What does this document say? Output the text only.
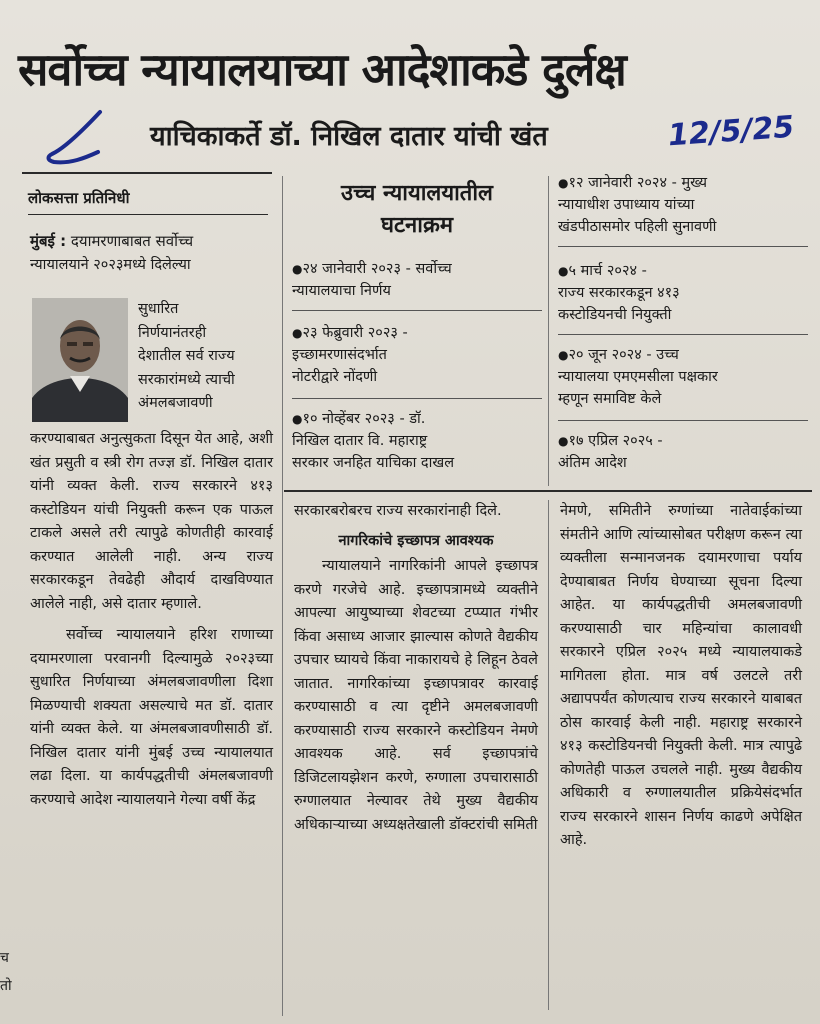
सर्वोच्च न्यायालयाच्या आदेशाकडे दुर्लक्ष
याचिकाकर्ते डॉ. निखिल दातार यांची खंत	12/5/25
लोकसत्ता प्रतिनिधी
मुंबई : दयामरणाबाबत सर्वोच्च
न्यायालयाने २०२३मध्ये दिलेल्या
सुधारित
निर्णयानंतरही
देशातील सर्व राज्य
सरकारांमध्ये त्याची
अंमलबजावणी

करण्याबाबत अनुत्सुकता दिसून येत आहे, अशी खंत प्रसुती व स्त्री रोग तज्ज्ञ डॉ. निखिल दातार यांनी व्यक्त केली. राज्य सरकारने ४१३ कस्टोडियन यांची नियुक्ती करून एक पाऊल टाकले असले तरी त्यापुढे कोणतीही कारवाई करण्यात आलेली नाही. अन्य राज्य सरकारकडून तेवढेही औदार्य दाखविण्यात आलेले नाही, असे दातार म्हणाले.

सर्वोच्च न्यायालयाने हरिश राणाच्या दयामरणाला परवानगी दिल्यामुळे २०२३च्या सुधारित निर्णयाच्या अंमलबजावणीला दिशा मिळण्याची शक्यता असल्याचे मत डॉ. दातार यांनी व्यक्त केले. या अंमलबजावणीसाठी डॉ. निखिल दातार यांनी मुंबई उच्च न्यायालयात लढा दिला. या कार्यपद्धतीची अंमलबजावणी करण्याचे आदेश न्यायालयाने गेल्या वर्षी केंद्र

उच्च न्यायालयातील
घटनाक्रम
●२४ जानेवारी २०२३ - सर्वोच्च
न्यायालयाचा निर्णय
●२३ फेब्रुवारी २०२३ -
इच्छामरणासंदर्भात
नोटरीद्वारे नोंदणी
●१० नोव्हेंबर २०२३ - डॉ.
निखिल दातार वि. महाराष्ट्र
सरकार जनहित याचिका दाखल
●१२ जानेवारी २०२४ - मुख्य
न्यायाधीश उपाध्याय यांच्या
खंडपीठासमोर पहिली सुनावणी
●५ मार्च २०२४ -
राज्य सरकारकडून ४१३
कस्टोडियनची नियुक्ती
●२० जून २०२४ - उच्च
न्यायालया एमएमसीला पक्षकार
म्हणून समाविष्ट केले
●१७ एप्रिल २०२५ -
अंतिम आदेश

सरकारबरोबरच राज्य सरकारांनाही दिले.

नागरिकांचे इच्छापत्र आवश्यक

न्यायालयाने नागरिकांनी आपले इच्छापत्र करणे गरजेचे आहे. इच्छापत्रामध्ये व्यक्तीने आपल्या आयुष्याच्या शेवटच्या टप्प्यात गंभीर किंवा असाध्य आजार झाल्यास कोणते वैद्यकीय उपचार घ्यायचे किंवा नाकारायचे हे लिहून ठेवले जातात. नागरिकांच्या इच्छापत्रावर कारवाई करण्यासाठी व त्या दृष्टीने अमलबजावणी करण्यासाठी राज्य सरकारने कस्टोडियन नेमणे आवश्यक आहे. सर्व इच्छापत्रांचे डिजिटलायझेशन करणे, रुग्णाला उपचारासाठी रुग्णालयात नेल्यावर तेथे मुख्य वैद्यकीय अधिकाऱ्याच्या अध्यक्षतेखाली डॉक्टरांची समिती

नेमणे, समितीने रुग्णांच्या नातेवाईकांच्या संमतीने आणि त्यांच्यासोबत परीक्षण करून त्या व्यक्तीला सन्मानजनक दयामरणाचा पर्याय देण्याबाबत निर्णय घेण्याच्या सूचना दिल्या आहेत. या कार्यपद्धतीची अमलबजावणी करण्यासाठी चार महिन्यांचा कालावधी सरकारने एप्रिल २०२५ मध्ये न्यायालयाकडे मागितला होता. मात्र वर्ष उलटले तरी अद्यापपर्यंत कोणत्याच राज्य सरकारने याबाबत ठोस कारवाई केली नाही. महाराष्ट्र सरकारने ४१३ कस्टोडियनची नियुक्ती केली. मात्र त्यापुढे कोणतेही पाऊल उचलले नाही. मुख्य वैद्यकीय अधिकारी व रुग्णालयातील प्रक्रियेसंदर्भात राज्य सरकारने शासन निर्णय काढणे अपेक्षित आहे.

च
तो
